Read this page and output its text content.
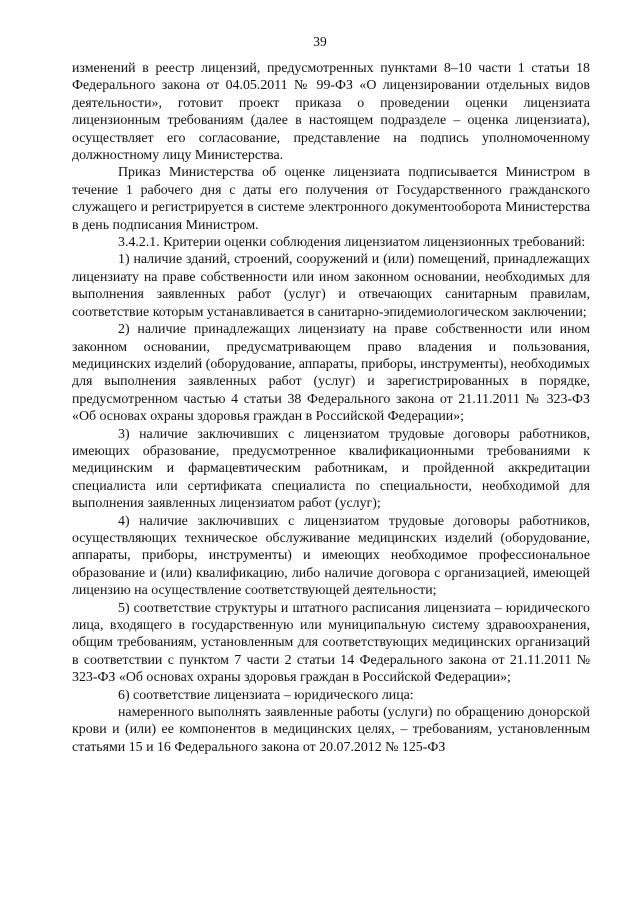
39

изменений в реестр лицензий, предусмотренных пунктами 8–10 части 1 статьи 18 Федерального закона от 04.05.2011 № 99-ФЗ «О лицензировании отдельных видов деятельности», готовит проект приказа о проведении оценки лицензиата лицензионным требованиям (далее в настоящем подразделе – оценка лицензиата), осуществляет его согласование, представление на подпись уполномоченному должностному лицу Министерства.

Приказ Министерства об оценке лицензиата подписывается Министром в течение 1 рабочего дня с даты его получения от Государственного гражданского служащего и регистрируется в системе электронного документооборота Министерства в день подписания Министром.

3.4.2.1. Критерии оценки соблюдения лицензиатом лицензионных требований:

1) наличие зданий, строений, сооружений и (или) помещений, принадлежащих лицензиату на праве собственности или ином законном основании, необходимых для выполнения заявленных работ (услуг) и отвечающих санитарным правилам, соответствие которым устанавливается в санитарно-эпидемиологическом заключении;

2) наличие принадлежащих лицензиату на праве собственности или ином законном основании, предусматривающем право владения и пользования, медицинских изделий (оборудование, аппараты, приборы, инструменты), необходимых для выполнения заявленных работ (услуг) и зарегистрированных в порядке, предусмотренном частью 4 статьи 38 Федерального закона от 21.11.2011 № 323-ФЗ «Об основах охраны здоровья граждан в Российской Федерации»;

3) наличие заключивших с лицензиатом трудовые договоры работников, имеющих образование, предусмотренное квалификационными требованиями к медицинским и фармацевтическим работникам, и пройденной аккредитации специалиста или сертификата специалиста по специальности, необходимой для выполнения заявленных лицензиатом работ (услуг);

4) наличие заключивших с лицензиатом трудовые договоры работников, осуществляющих техническое обслуживание медицинских изделий (оборудование, аппараты, приборы, инструменты) и имеющих необходимое профессиональное образование и (или) квалификацию, либо наличие договора с организацией, имеющей лицензию на осуществление соответствующей деятельности;

5) соответствие структуры и штатного расписания лицензиата – юридического лица, входящего в государственную или муниципальную систему здравоохранения, общим требованиям, установленным для соответствующих медицинских организаций в соответствии с пунктом 7 части 2 статьи 14 Федерального закона от 21.11.2011 № 323-ФЗ «Об основах охраны здоровья граждан в Российской Федерации»;

6) соответствие лицензиата – юридического лица:

намеренного выполнять заявленные работы (услуги) по обращению донорской крови и (или) ее компонентов в медицинских целях, – требованиям, установленным статьями 15 и 16 Федерального закона от 20.07.2012 № 125-ФЗ
